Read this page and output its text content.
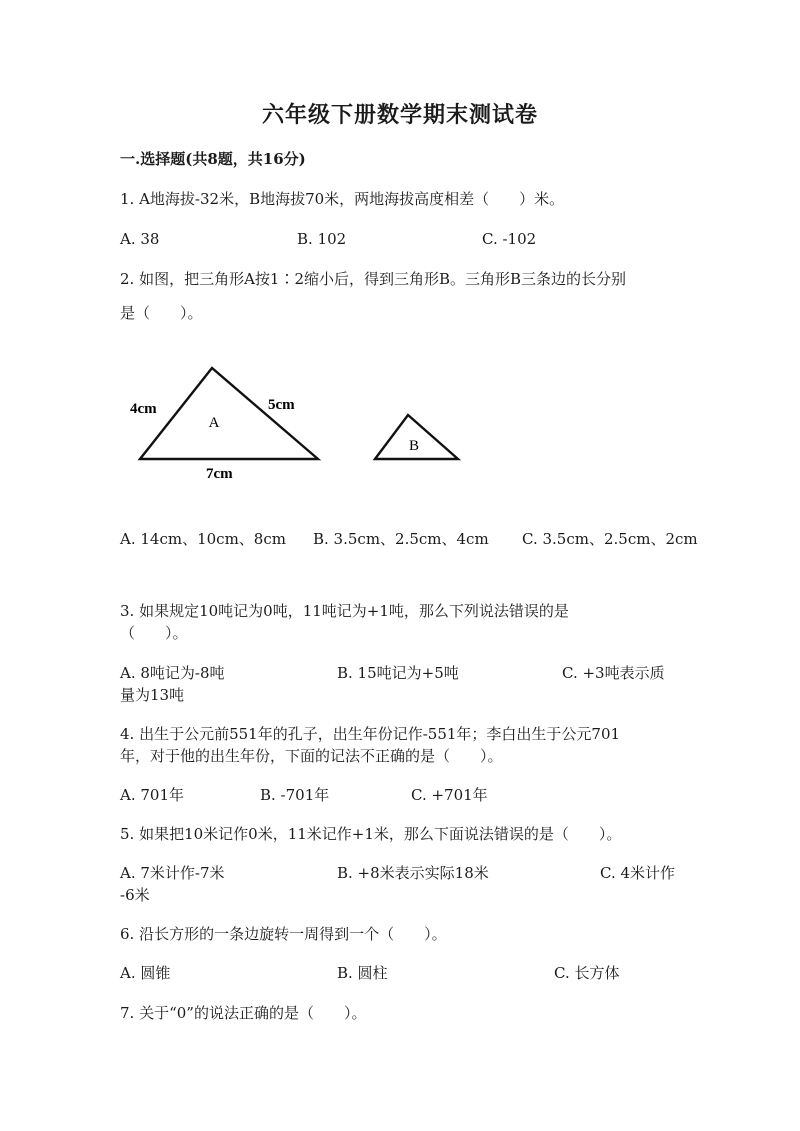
六年级下册数学期末测试卷
一.选择题(共8题，共16分)
1. A地海拔-32米，B地海拔70米，两地海拔高度相差（　　）米。
A. 38	B. 102	C. -102
2. 如图，把三角形A按1∶2缩小后，得到三角形B。三角形B三条边的长分别
是（　　）。
A
4cm	5cm
7cm
B
A. 14cm、10cm、8cm B. 3.5cm、2.5cm、4cm C. 3.5cm、2.5cm、2cm
3. 如果规定10吨记为0吨，11吨记为+1吨，那么下列说法错误的是
（　　）。
A. 8吨记为-8吨	B. 15吨记为+5吨	C. +3吨表示质
量为13吨
4. 出生于公元前551年的孔子，出生年份记作-551年；李白出生于公元701
年，对于他的出生年份，下面的记法不正确的是（　　）。
A. 701年	B. -701年	C. +701年
5. 如果把10米记作0米，11米记作+1米，那么下面说法错误的是（　　）。
A. 7米计作-7米	B. +8米表示实际18米	C. 4米计作
-6米
6. 沿长方形的一条边旋转一周得到一个（　　）。
A. 圆锥	B. 圆柱	C. 长方体
7. 关于“0”的说法正确的是（　　）。
